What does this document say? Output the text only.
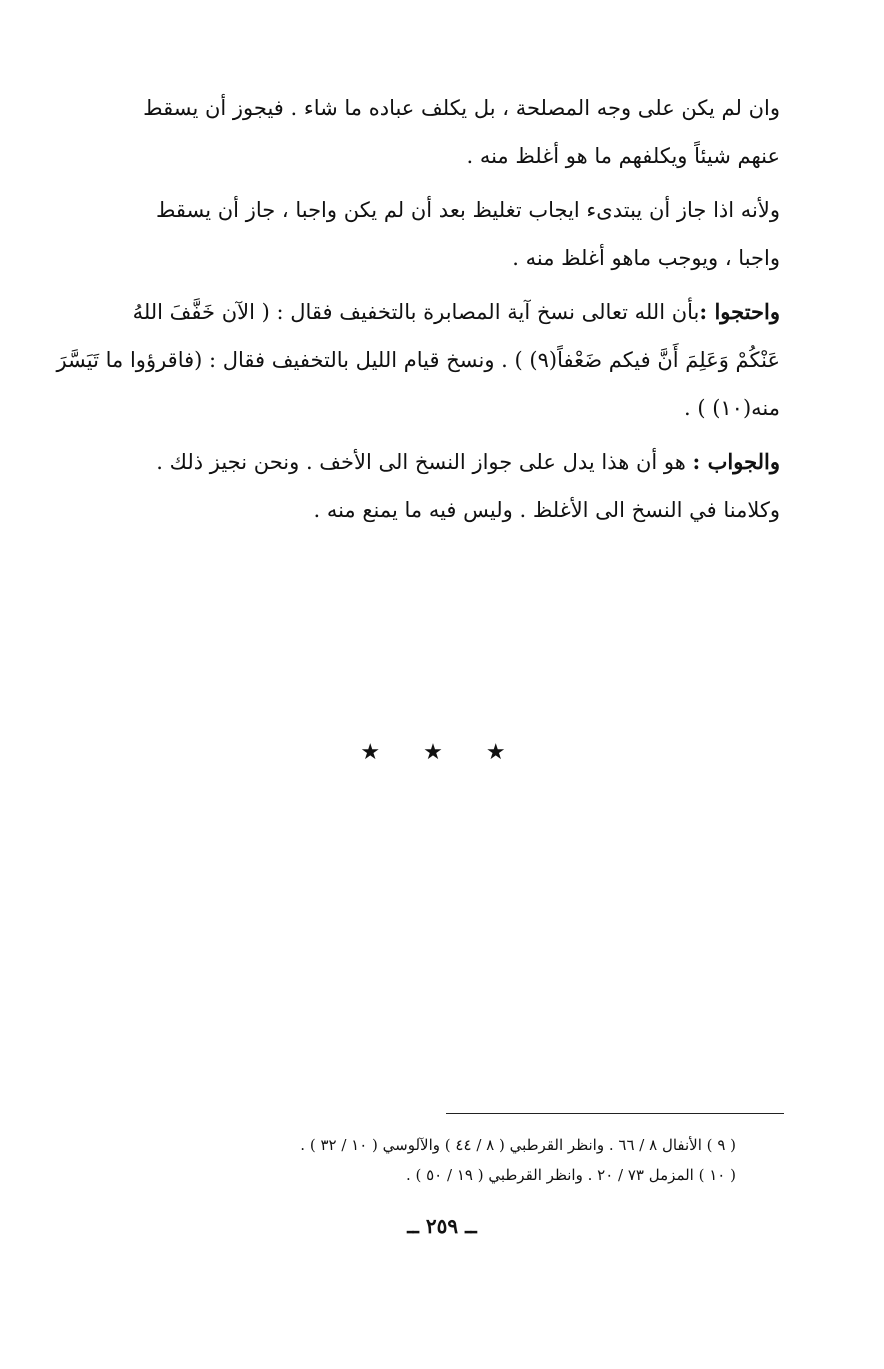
وان لم يكن على وجه المصلحة ، بل يكلف عباده ما شاء . فيجوز أن يسقط
عنهم شيئاً ويكلفهم ما هو أغلظ منه .
ولأنه اذا جاز أن يبتدىء ايجاب تغليظ بعد أن لم يكن واجبا ، جاز أن يسقط
واجبا ، ويوجب ماهو أغلظ منه .
واحتجوا :بأن الله تعالى نسخ آية المصابرة بالتخفيف فقال : ( الآن خَفَّفَ اللهُ
عَنْكُمْ وَعَلِمَ أَنَّ فيكم ضَعْفاً(٩) ) . ونسخ قيام الليل بالتخفيف فقال : (فاقرؤوا ما تَيَسَّرَ
منه(١٠) ) .
والجواب : هو أن هذا يدل على جواز النسخ الى الأخف . ونحن نجيز ذلك .
وكلامنا في النسخ الى الأغلظ . وليس فيه ما يمنع منه .
★ ★ ★
( ٩ ) الأنفال ٨ / ٦٦ . وانظر القرطبي ( ٨ / ٤٤ ) والآلوسي ( ١٠ / ٣٢ ) .
( ١٠ ) المزمل ٧٣ / ٢٠ . وانظر القرطبي ( ١٩ / ٥٠ ) .
ــ ٢٥٩ ــ
